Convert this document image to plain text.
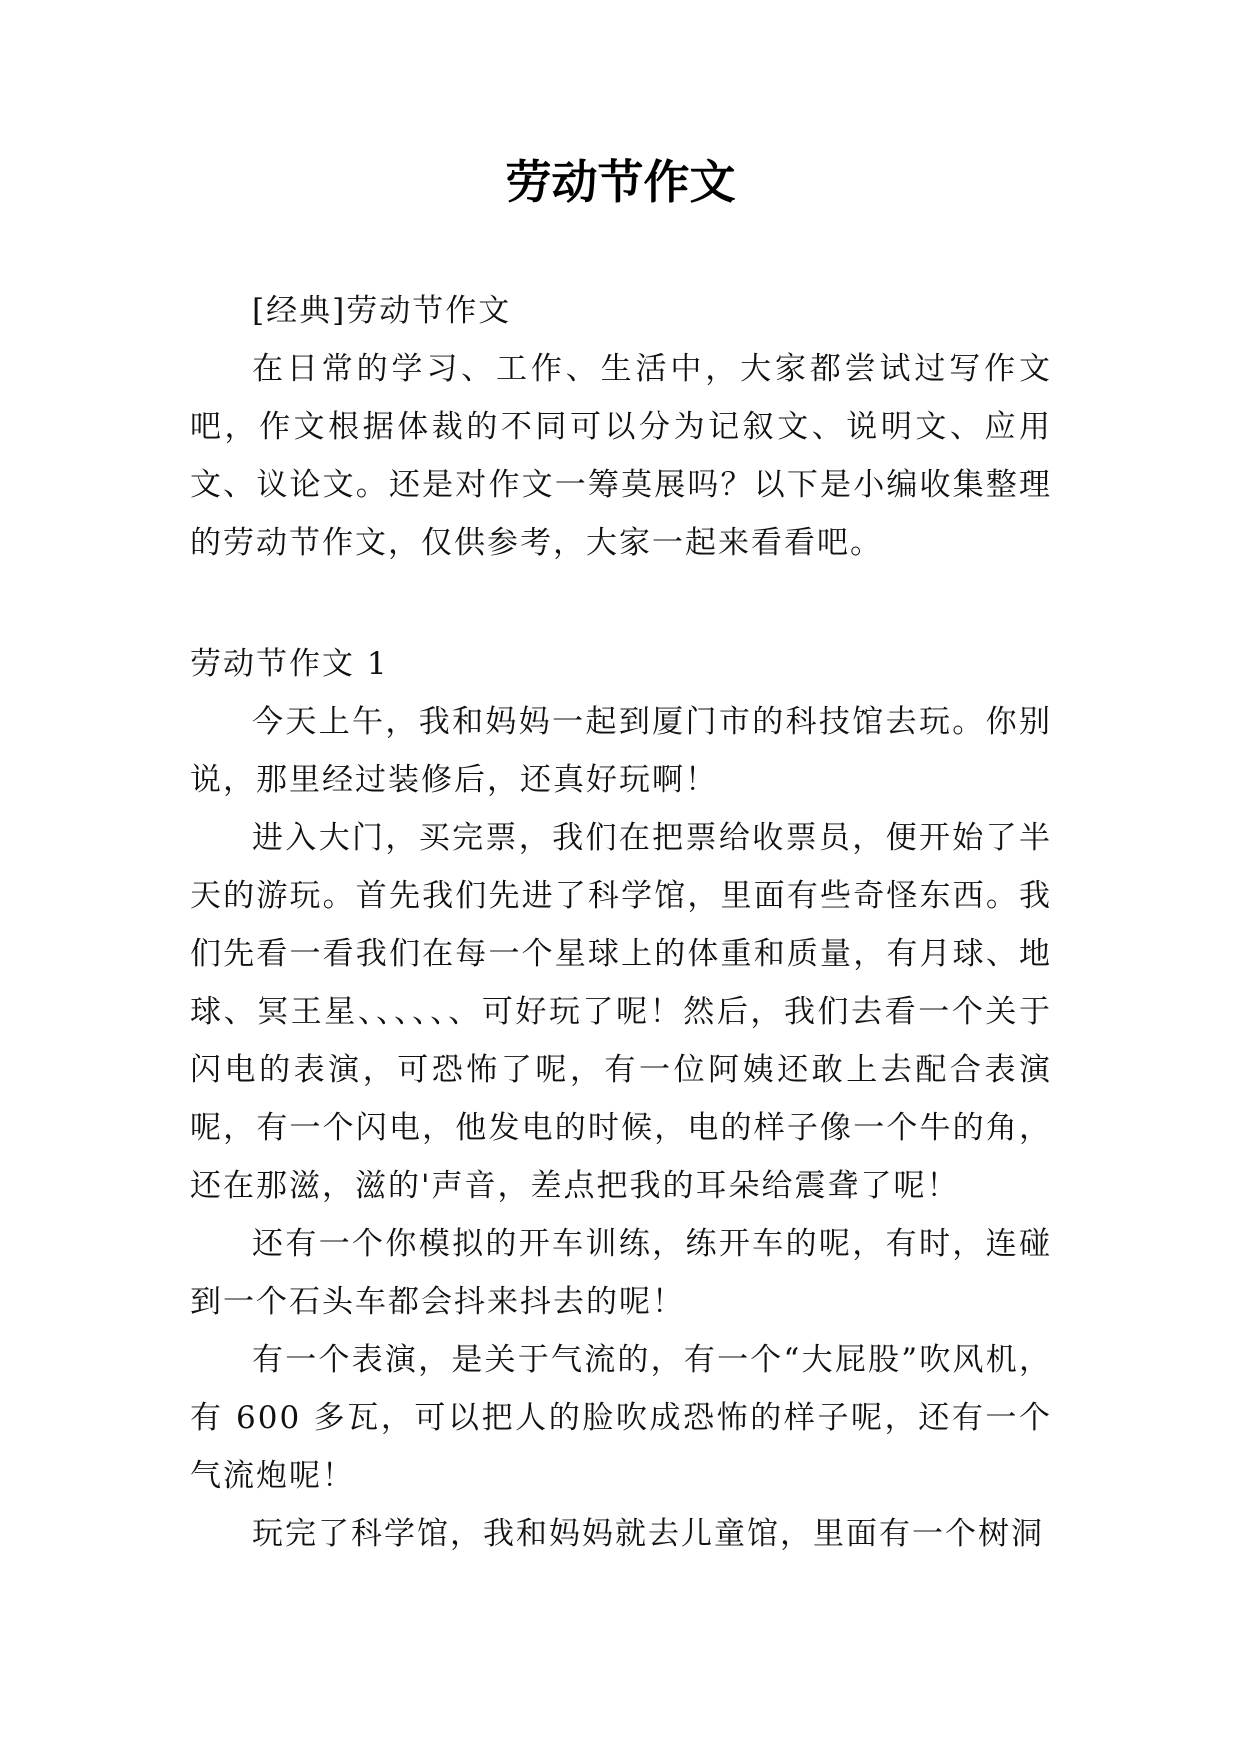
劳动节作文

[经典]劳动节作文

在日常的学习、工作、生活中，大家都尝试过写作文吧，作文根据体裁的不同可以分为记叙文、说明文、应用文、议论文。还是对作文一筹莫展吗？以下是小编收集整理的劳动节作文，仅供参考，大家一起来看看吧。

劳动节作文 1

今天上午，我和妈妈一起到厦门市的科技馆去玩。你别说，那里经过装修后，还真好玩啊！

进入大门，买完票，我们在把票给收票员，便开始了半天的游玩。首先我们先进了科学馆，里面有些奇怪东西。我们先看一看我们在每一个星球上的体重和质量，有月球、地球、冥王星、、、、、、可好玩了呢！然后，我们去看一个关于闪电的表演，可恐怖了呢，有一位阿姨还敢上去配合表演呢，有一个闪电，他发电的时候，电的样子像一个牛的角，还在那滋，滋的'声音，差点把我的耳朵给震聋了呢！

还有一个你模拟的开车训练，练开车的呢，有时，连碰到一个石头车都会抖来抖去的呢！

有一个表演，是关于气流的，有一个“大屁股”吹风机，有 600 多瓦，可以把人的脸吹成恐怖的样子呢，还有一个气流炮呢！

玩完了科学馆，我和妈妈就去儿童馆，里面有一个树洞
